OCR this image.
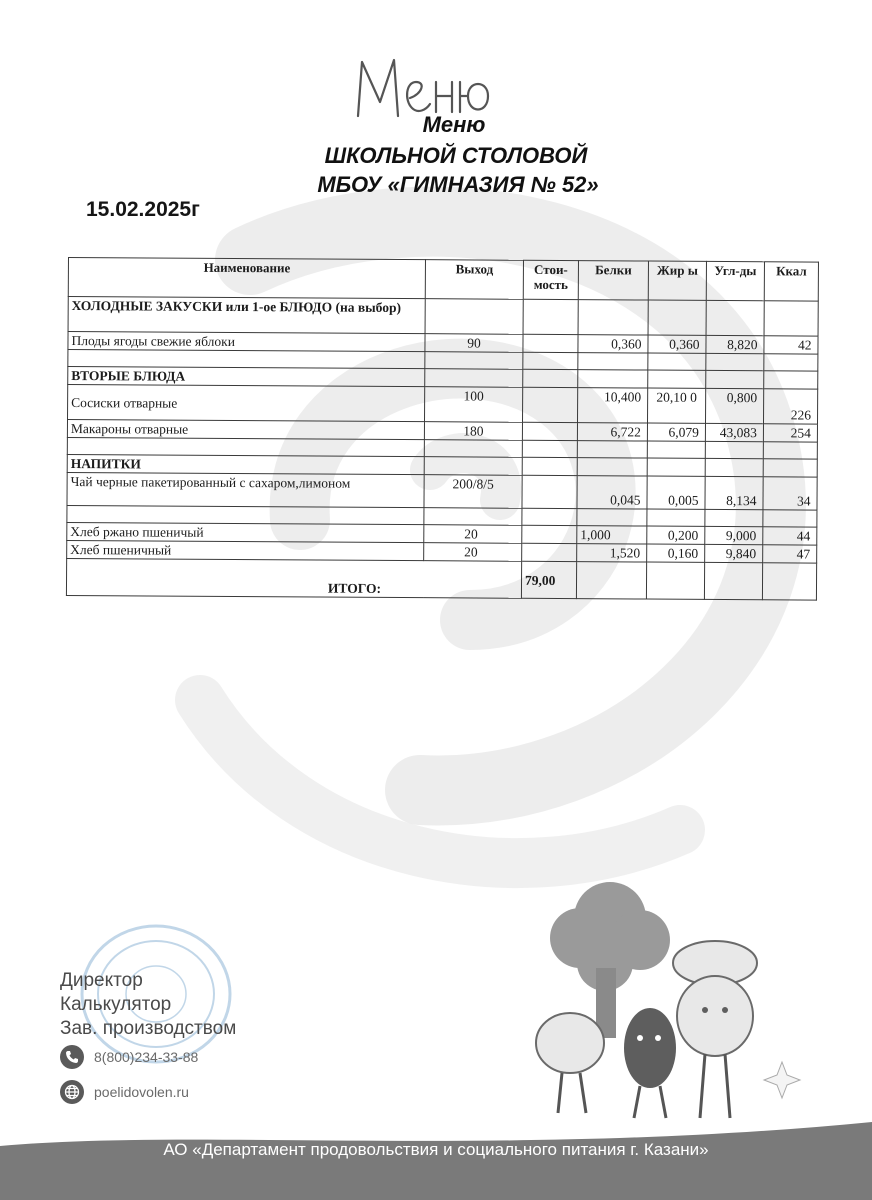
Меню
ШКОЛЬНОЙ СТОЛОВОЙ
МБОУ «ГИМНАЗИЯ № 52»
15.02.2025г
Наименование	Выход	Стои-мость	Белки	Жир ы	Угл-ды	Ккал
ХОЛОДНЫЕ ЗАКУСКИ или 1-ое БЛЮДО (на выбор)						
Плоды ягоды свежие яблоки	90		0,360	0,360	8,820	42

ВТОРЫЕ БЛЮДА						
Сосиски отварные	100		10,400	20,10 0	0,800	226
Макароны отварные	180		6,722	6,079	43,083	254

НАПИТКИ						
Чай черные пакетированный с сахаром,лимоном	200/8/5		0,045	0,005	8,134	34

Хлеб ржано пшеничый	20		1,000	0,200	9,000	44
Хлеб пшеничный	20		1,520	0,160	9,840	47
ИТОГО:		79,00				
Директор
Калькулятор
Зав. производством
8(800)234-33-88
poelidovolen.ru
АО «Департамент продовольствия и социального питания г. Казани»
